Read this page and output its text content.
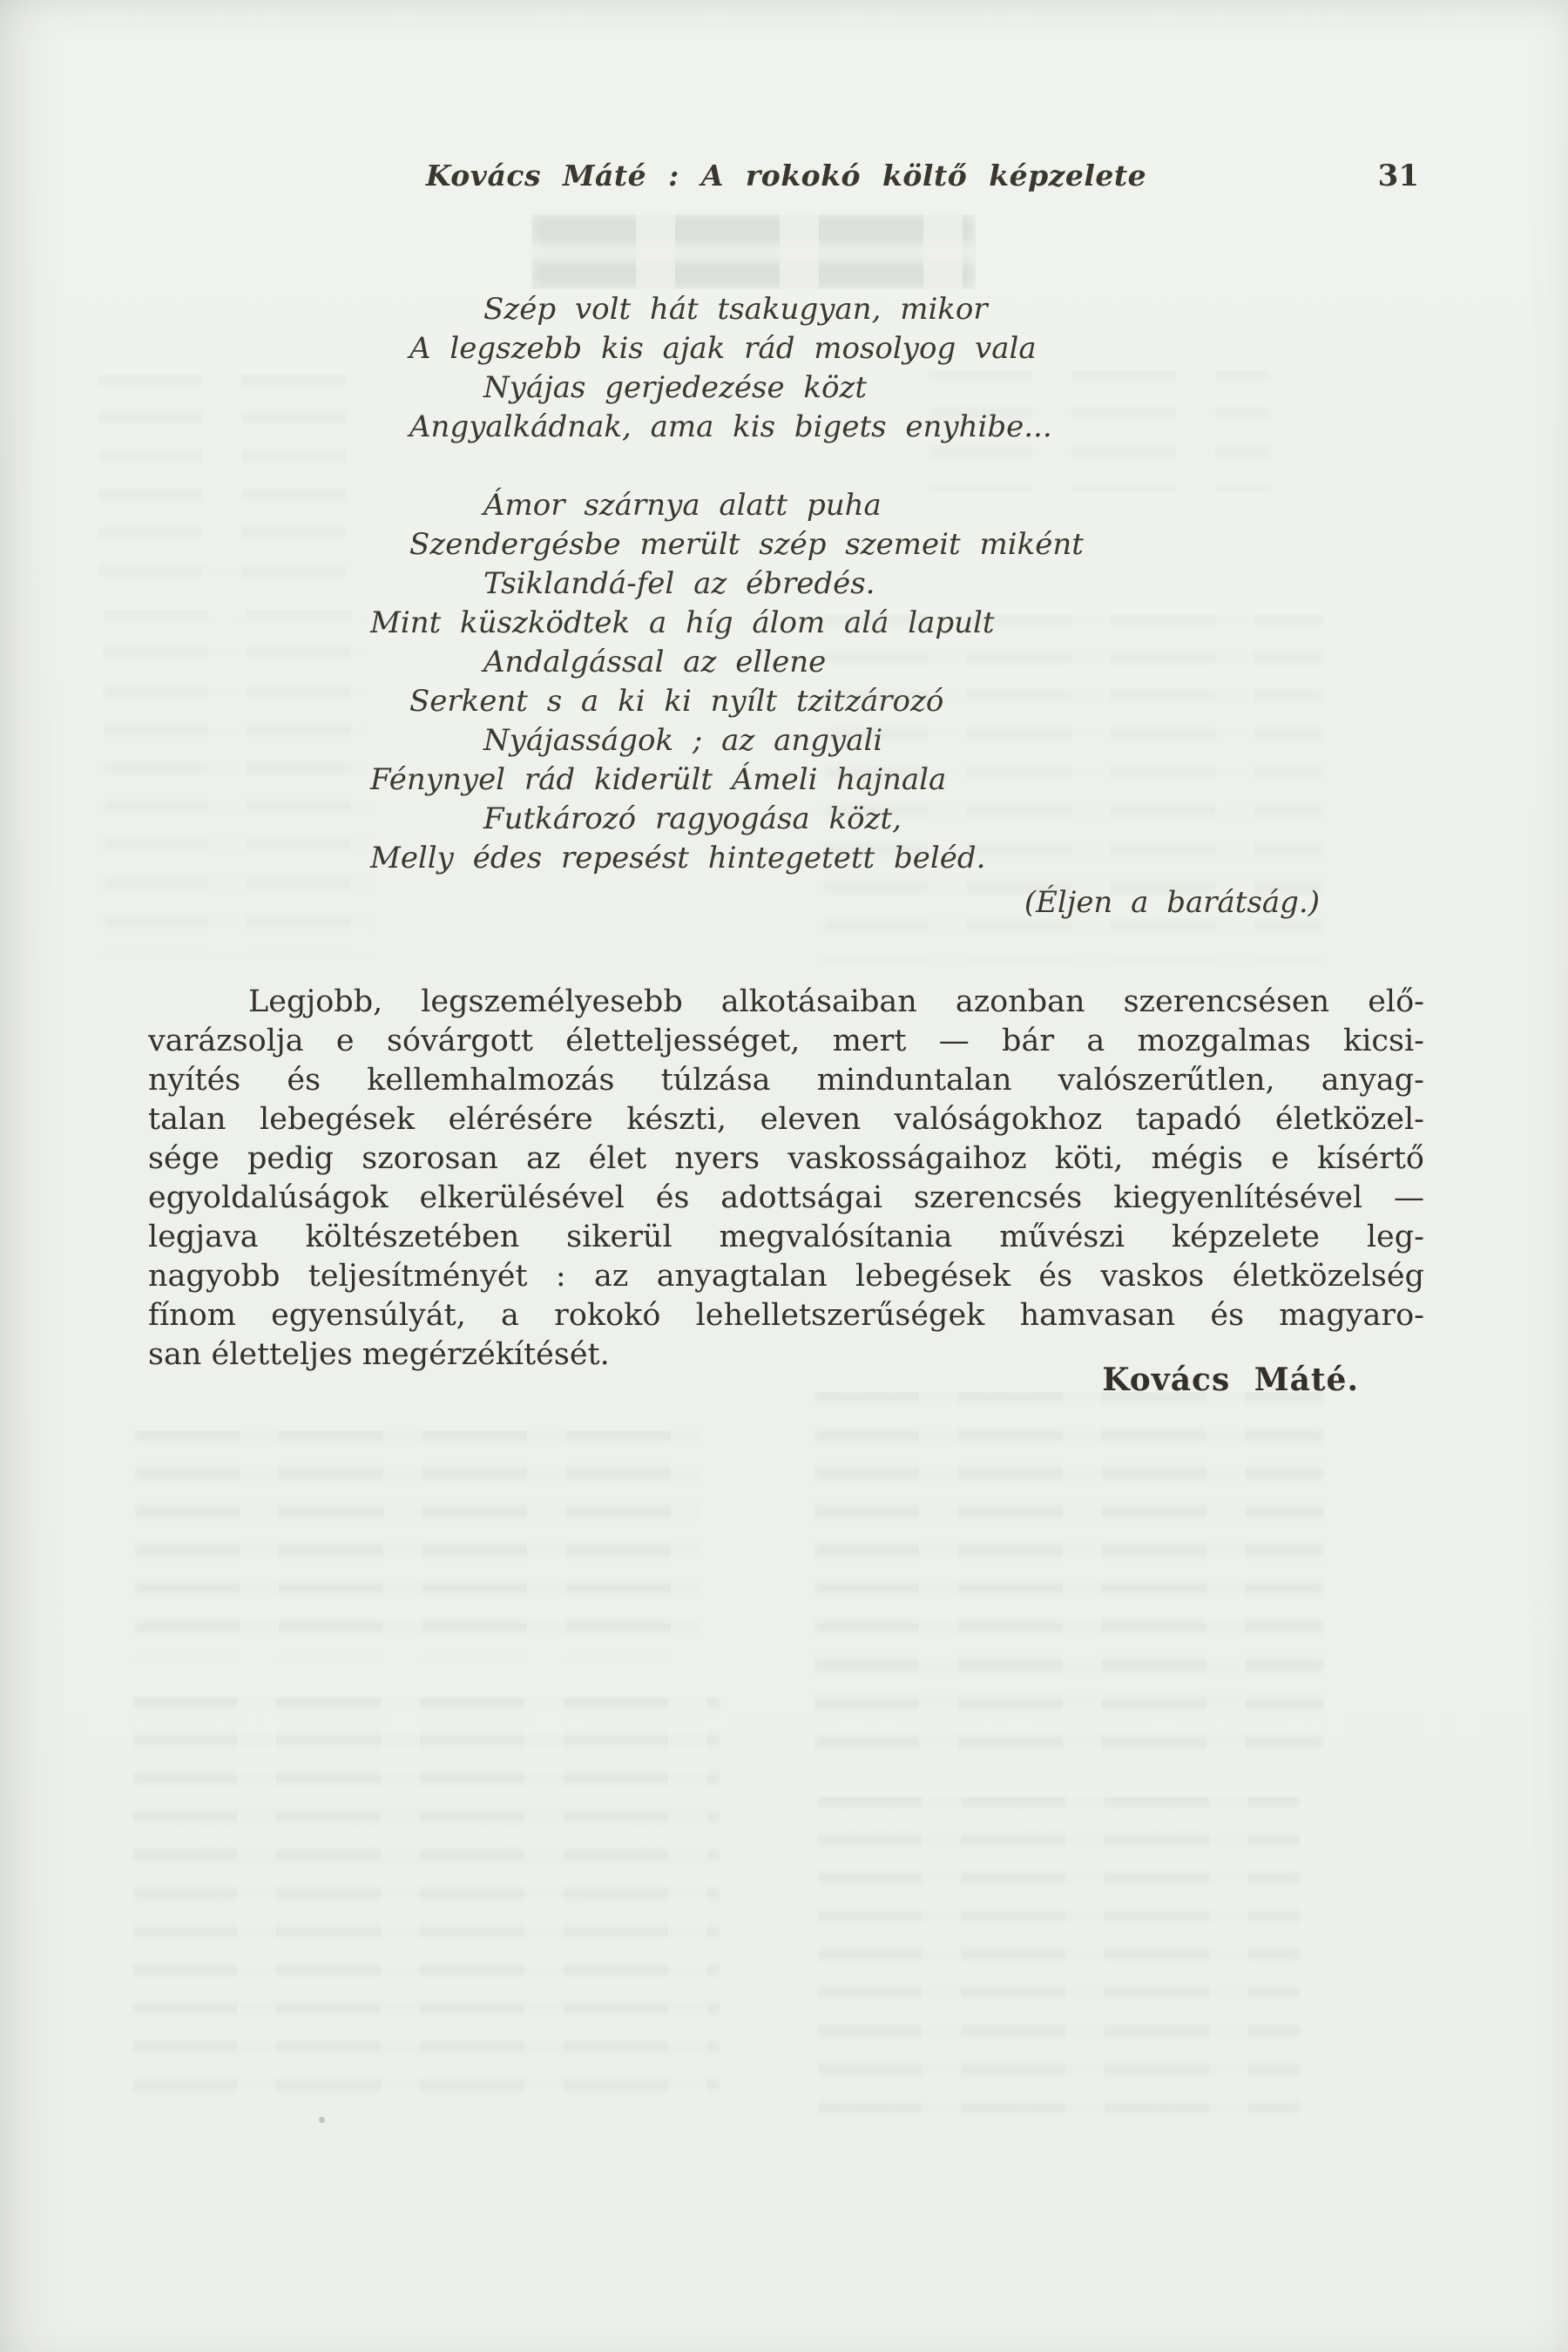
Kovács Máté : A rokokó költő képzelete	31
Szép volt hát tsakugyan, mikor
A legszebb kis ajak rád mosolyog vala
Nyájas gerjedezése közt
Angyalkádnak, ama kis bigets enyhibe...
Ámor szárnya alatt puha
Szendergésbe merült szép szemeit miként
Tsiklandá-fel az ébredés.
Mint küszködtek a híg álom alá lapult
Andalgással az ellene
Serkent s a ki ki nyílt tzitzározó
Nyájasságok ; az angyali
Fénynyel rád kiderült Ámeli hajnala
Futkározó ragyogása közt,
Melly édes repesést hintegetett beléd.
(Éljen a barátság.)
Legjobb, legszemélyesebb alkotásaiban azonban szerencsésen elő-
varázsolja e sóvárgott életteljességet, mert — bár a mozgalmas kicsi-
nyítés és kellemhalmozás túlzása minduntalan valószerűtlen, anyag-
talan lebegések elérésére készti, eleven valóságokhoz tapadó életközel-
sége pedig szorosan az élet nyers vaskosságaihoz köti, mégis e kísértő
egyoldalúságok elkerülésével és adottságai szerencsés kiegyenlítésével —
legjava költészetében sikerül megvalósítania művészi képzelete leg-
nagyobb teljesítményét : az anyagtalan lebegések és vaskos életközelség
fínom egyensúlyát, a rokokó lehelletszerűségek hamvasan és magyaro-
san életteljes megérzékítését.
Kovács Máté.
